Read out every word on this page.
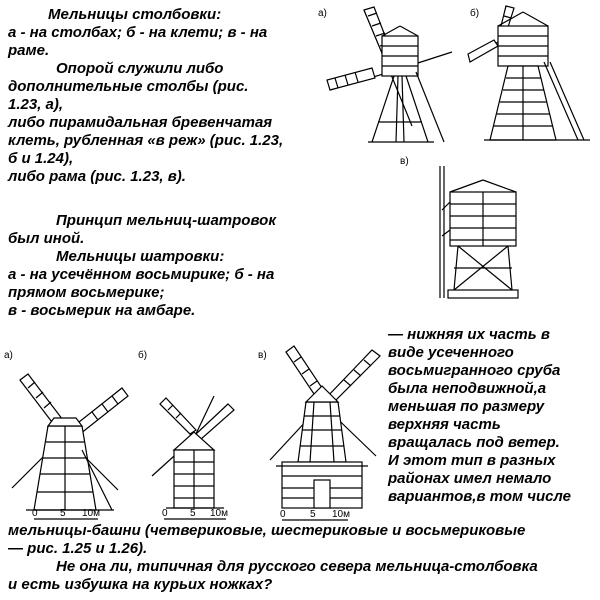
Мельницы столбовки:
а - на столбах; б - на клети; в - на
раме.
Опорой служили либо
дополнительные столбы (рис.
1.23, а),
либо пирамидальная бревенчатая
клеть, рубленная «в реж» (рис. 1.23,
б и 1.24),
либо рама (рис. 1.23, в).
Принцип мельниц-шатровок
был иной.
Мельницы шатровки:
а - на усечённом восьмирике; б - на
прямом восьмерике;
в - восьмерик на амбаре.
— нижняя их часть в
виде усеченного
восьмигранного сруба
была неподвижной,а
меньшая по размеру
верхняя часть
вращалась под ветер.
И этот тип в разных
районах имел немало
вариантов,в том числе
мельницы-башни (четвериковые, шестериковые и восьмериковые
— рис. 1.25 и 1.26).
Не она ли, типичная для русского севера мельница-столбовка
и есть избушка на курьих ножках?
а)	б)
в)
а)
0 5 10м
б)
0 5 10м
в)
0 5 10м
